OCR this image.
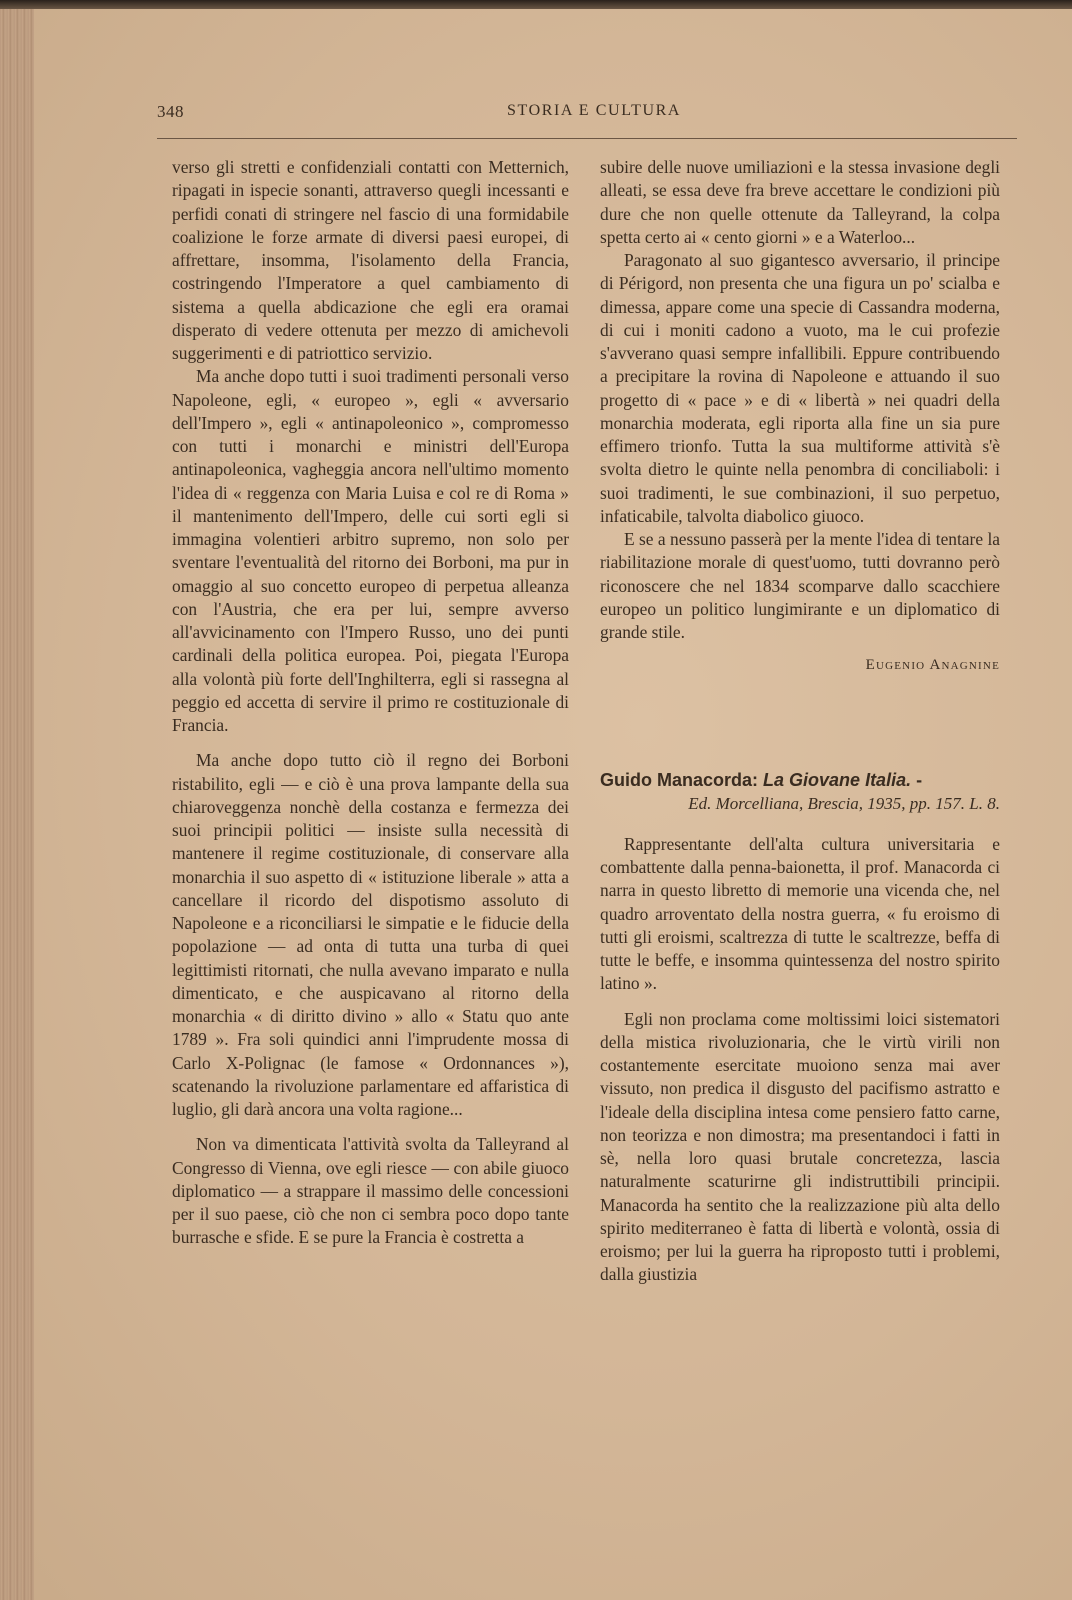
348	STORIA E CULTURA

verso gli stretti e confidenziali contatti con Metternich, ripagati in ispecie sonanti, attraverso quegli incessanti e perfidi conati di stringere nel fascio di una formidabile coalizione le forze armate di diversi paesi europei, di affrettare, insomma, l'isolamento della Francia, costringendo l'Imperatore a quel cambiamento di sistema a quella abdicazione che egli era oramai disperato di vedere ottenuta per mezzo di amichevoli suggerimenti e di patriottico servizio.

Ma anche dopo tutti i suoi tradimenti personali verso Napoleone, egli, « europeo », egli « avversario dell'Impero », egli « antinapoleonico », compromesso con tutti i monarchi e ministri dell'Europa antinapoleonica, vagheggia ancora nell'ultimo momento l'idea di « reggenza con Maria Luisa e col re di Roma » il mantenimento dell'Impero, delle cui sorti egli si immagina volentieri arbitro supremo, non solo per sventare l'eventualità del ritorno dei Borboni, ma pur in omaggio al suo concetto europeo di perpetua alleanza con l'Austria, che era per lui, sempre avverso all'avvicinamento con l'Impero Russo, uno dei punti cardinali della politica europea. Poi, piegata l'Europa alla volontà più forte dell'Inghilterra, egli si rassegna al peggio ed accetta di servire il primo re costituzionale di Francia.

Ma anche dopo tutto ciò il regno dei Borboni ristabilito, egli — e ciò è una prova lampante della sua chiaroveggenza nonchè della costanza e fermezza dei suoi principii politici — insiste sulla necessità di mantenere il regime costituzionale, di conservare alla monarchia il suo aspetto di « istituzione liberale » atta a cancellare il ricordo del dispotismo assoluto di Napoleone e a riconciliarsi le simpatie e le fiducie della popolazione — ad onta di tutta una turba di quei legittimisti ritornati, che nulla avevano imparato e nulla dimenticato, e che auspicavano al ritorno della monarchia « di diritto divino » allo « Statu quo ante 1789 ». Fra soli quindici anni l'imprudente mossa di Carlo X-Polignac (le famose « Ordonnances »), scatenando la rivoluzione parlamentare ed affaristica di luglio, gli darà ancora una volta ragione...

Non va dimenticata l'attività svolta da Talleyrand al Congresso di Vienna, ove egli riesce — con abile giuoco diplomatico — a strappare il massimo delle concessioni per il suo paese, ciò che non ci sembra poco dopo tante burrasche e sfide. E se pure la Francia è costretta a

subire delle nuove umiliazioni e la stessa invasione degli alleati, se essa deve fra breve accettare le condizioni più dure che non quelle ottenute da Talleyrand, la colpa spetta certo ai « cento giorni » e a Waterloo...

Paragonato al suo gigantesco avversario, il principe di Périgord, non presenta che una figura un po' scialba e dimessa, appare come una specie di Cassandra moderna, di cui i moniti cadono a vuoto, ma le cui profezie s'avverano quasi sempre infallibili. Eppure contribuendo a precipitare la rovina di Napoleone e attuando il suo progetto di « pace » e di « libertà » nei quadri della monarchia moderata, egli riporta alla fine un sia pure effimero trionfo. Tutta la sua multiforme attività s'è svolta dietro le quinte nella penombra di conciliaboli: i suoi tradimenti, le sue combinazioni, il suo perpetuo, infaticabile, talvolta diabolico giuoco.

E se a nessuno passerà per la mente l'idea di tentare la riabilitazione morale di quest'uomo, tutti dovranno però riconoscere che nel 1834 scomparve dallo scacchiere europeo un politico lungimirante e un diplomatico di grande stile.

Eugenio Anagnine
Guido Manacorda: La Giovane Italia. -
Ed. Morcelliana, Brescia, 1935, pp. 157. L. 8.

Rappresentante dell'alta cultura universitaria e combattente dalla penna-baionetta, il prof. Manacorda ci narra in questo libretto di memorie una vicenda che, nel quadro arroventato della nostra guerra, « fu eroismo di tutti gli eroismi, scaltrezza di tutte le scaltrezze, beffa di tutte le beffe, e insomma quintessenza del nostro spirito latino ».

Egli non proclama come moltissimi loici sistematori della mistica rivoluzionaria, che le virtù virili non costantemente esercitate muoiono senza mai aver vissuto, non predica il disgusto del pacifismo astratto e l'ideale della disciplina intesa come pensiero fatto carne, non teorizza e non dimostra; ma presentandoci i fatti in sè, nella loro quasi brutale concretezza, lascia naturalmente scaturirne gli indistruttibili principii. Manacorda ha sentito che la realizzazione più alta dello spirito mediterraneo è fatta di libertà e volontà, ossia di eroismo; per lui la guerra ha riproposto tutti i problemi, dalla giustizia
